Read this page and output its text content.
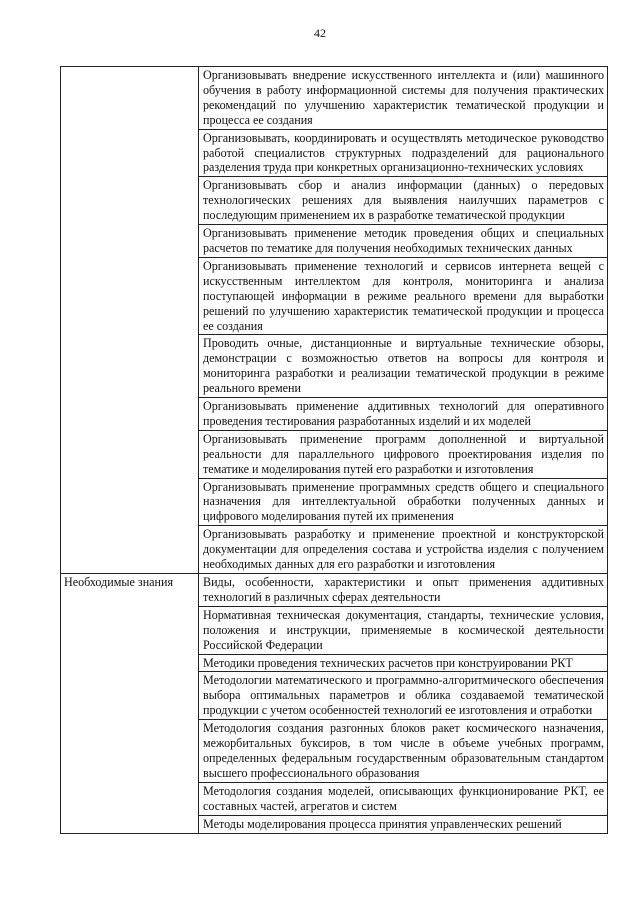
42
	Организовывать внедрение искусственного интеллекта и (или) машинного обучения в работу информационной системы для получения практических рекомендаций по улучшению характеристик тематической продукции и процесса ее создания
	Организовывать, координировать и осуществлять методическое руководство работой специалистов структурных подразделений для рационального разделения труда при конкретных организационно-технических условиях
	Организовывать сбор и анализ информации (данных) о передовых технологических решениях для выявления наилучших параметров с последующим применением их в разработке тематической продукции
	Организовывать применение методик проведения общих и специальных расчетов по тематике для получения необходимых технических данных
	Организовывать применение технологий и сервисов интернета вещей с искусственным интеллектом для контроля, мониторинга и анализа поступающей информации в режиме реального времени для выработки решений по улучшению характеристик тематической продукции и процесса ее создания
	Проводить очные, дистанционные и виртуальные технические обзоры, демонстрации с возможностью ответов на вопросы для контроля и мониторинга разработки и реализации тематической продукции в режиме реального времени
	Организовывать применение аддитивных технологий для оперативного проведения тестирования разработанных изделий и их моделей
	Организовывать применение программ дополненной и виртуальной реальности для параллельного цифрового проектирования изделия по тематике и моделирования путей его разработки и изготовления
	Организовывать применение программных средств общего и специального назначения для интеллектуальной обработки полученных данных и цифрового моделирования путей их применения
	Организовывать разработку и применение проектной и конструкторской документации для определения состава и устройства изделия с получением необходимых данных для его разработки и изготовления
Необходимые знания	Виды, особенности, характеристики и опыт применения аддитивных технологий в различных сферах деятельности
	Нормативная техническая документация, стандарты, технические условия, положения и инструкции, применяемые в космической деятельности Российской Федерации
	Методики проведения технических расчетов при конструировании РКТ
	Методологии математического и программно-алгоритмического обеспечения выбора оптимальных параметров и облика создаваемой тематической продукции с учетом особенностей технологий ее изготовления и отработки
	Методология создания разгонных блоков ракет космического назначения, межорбитальных буксиров, в том числе в объеме учебных программ, определенных федеральным государственным образовательным стандартом высшего профессионального образования
	Методология создания моделей, описывающих функционирование РКТ, ее составных частей, агрегатов и систем
	Методы моделирования процесса принятия управленческих решений
